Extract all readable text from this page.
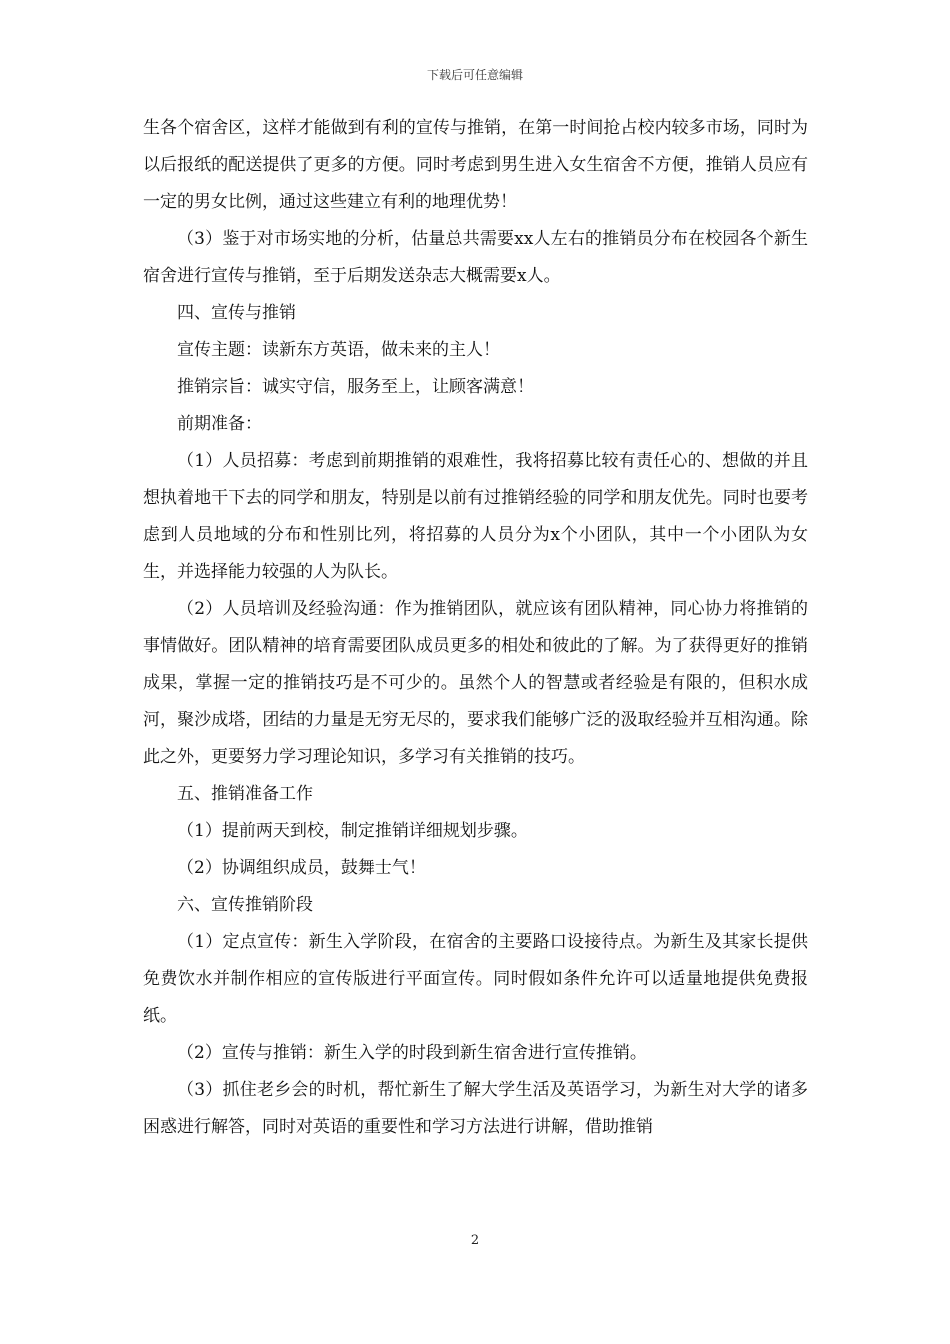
下载后可任意编辑

生各个宿舍区，这样才能做到有利的宣传与推销，在第一时间抢占校内较多市场，同时为以后报纸的配送提供了更多的方便。同时考虑到男生进入女生宿舍不方便，推销人员应有一定的男女比例，通过这些建立有利的地理优势！

（3）鉴于对市场实地的分析，估量总共需要xx人左右的推销员分布在校园各个新生宿舍进行宣传与推销，至于后期发送杂志大概需要x人。

四、宣传与推销

宣传主题：读新东方英语，做未来的主人！

推销宗旨：诚实守信，服务至上，让顾客满意！

前期准备：

（1）人员招募：考虑到前期推销的艰难性，我将招募比较有责任心的、想做的并且想执着地干下去的同学和朋友，特别是以前有过推销经验的同学和朋友优先。同时也要考虑到人员地域的分布和性别比列，将招募的人员分为x个小团队，其中一个小团队为女生，并选择能力较强的人为队长。

（2）人员培训及经验沟通：作为推销团队，就应该有团队精神，同心协力将推销的事情做好。团队精神的培育需要团队成员更多的相处和彼此的了解。为了获得更好的推销成果，掌握一定的推销技巧是不可少的。虽然个人的智慧或者经验是有限的，但积水成河，聚沙成塔，团结的力量是无穷无尽的，要求我们能够广泛的汲取经验并互相沟通。除此之外，更要努力学习理论知识，多学习有关推销的技巧。

五、推销准备工作

（1）提前两天到校，制定推销详细规划步骤。

（2）协调组织成员，鼓舞士气！

六、宣传推销阶段

（1）定点宣传：新生入学阶段，在宿舍的主要路口设接待点。为新生及其家长提供免费饮水并制作相应的宣传版进行平面宣传。同时假如条件允许可以适量地提供免费报纸。

（2）宣传与推销：新生入学的时段到新生宿舍进行宣传推销。

（3）抓住老乡会的时机，帮忙新生了解大学生活及英语学习，为新生对大学的诸多困惑进行解答，同时对英语的重要性和学习方法进行讲解，借助推销

2
